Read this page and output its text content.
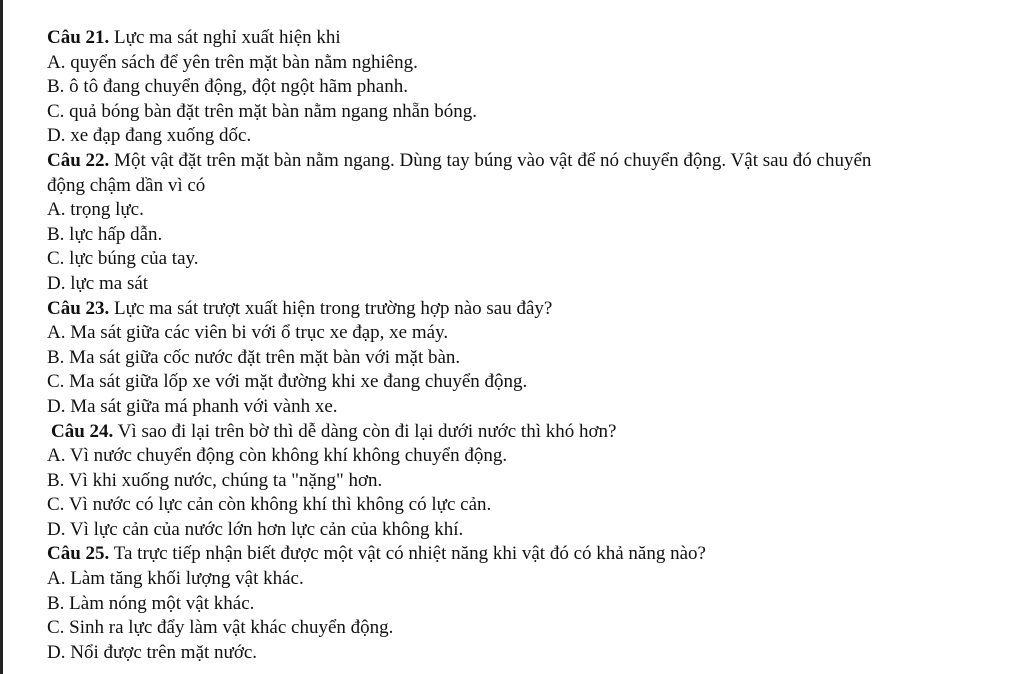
Câu 21. Lực ma sát nghỉ xuất hiện khi

A. quyển sách để yên trên mặt bàn nằm nghiêng.

B. ô tô đang chuyển động, đột ngột hãm phanh.

C. quả bóng bàn đặt trên mặt bàn nằm ngang nhẵn bóng.

D. xe đạp đang xuống dốc.

Câu 22. Một vật đặt trên mặt bàn nằm ngang. Dùng tay búng vào vật để nó chuyển động. Vật sau đó chuyển

động chậm dần vì có

A. trọng lực.

B. lực hấp dẫn.

C. lực búng của tay.

D. lực ma sát

Câu 23. Lực ma sát trượt xuất hiện trong trường hợp nào sau đây?

A. Ma sát giữa các viên bi với ổ trục xe đạp, xe máy.

B. Ma sát giữa cốc nước đặt trên mặt bàn với mặt bàn.

C. Ma sát giữa lốp xe với mặt đường khi xe đang chuyển động.

D. Ma sát giữa má phanh với vành xe.

Câu 24. Vì sao đi lại trên bờ thì dễ dàng còn đi lại dưới nước thì khó hơn?

A. Vì nước chuyển động còn không khí không chuyển động.

B. Vì khi xuống nước, chúng ta "nặng" hơn.

C. Vì nước có lực cản còn không khí thì không có lực cản.

D. Vì lực cản của nước lớn hơn lực cản của không khí.

Câu 25. Ta trực tiếp nhận biết được một vật có nhiệt năng khi vật đó có khả năng nào?

A. Làm tăng khối lượng vật khác.

B. Làm nóng một vật khác.

C. Sinh ra lực đẩy làm vật khác chuyển động.

D. Nổi được trên mặt nước.
